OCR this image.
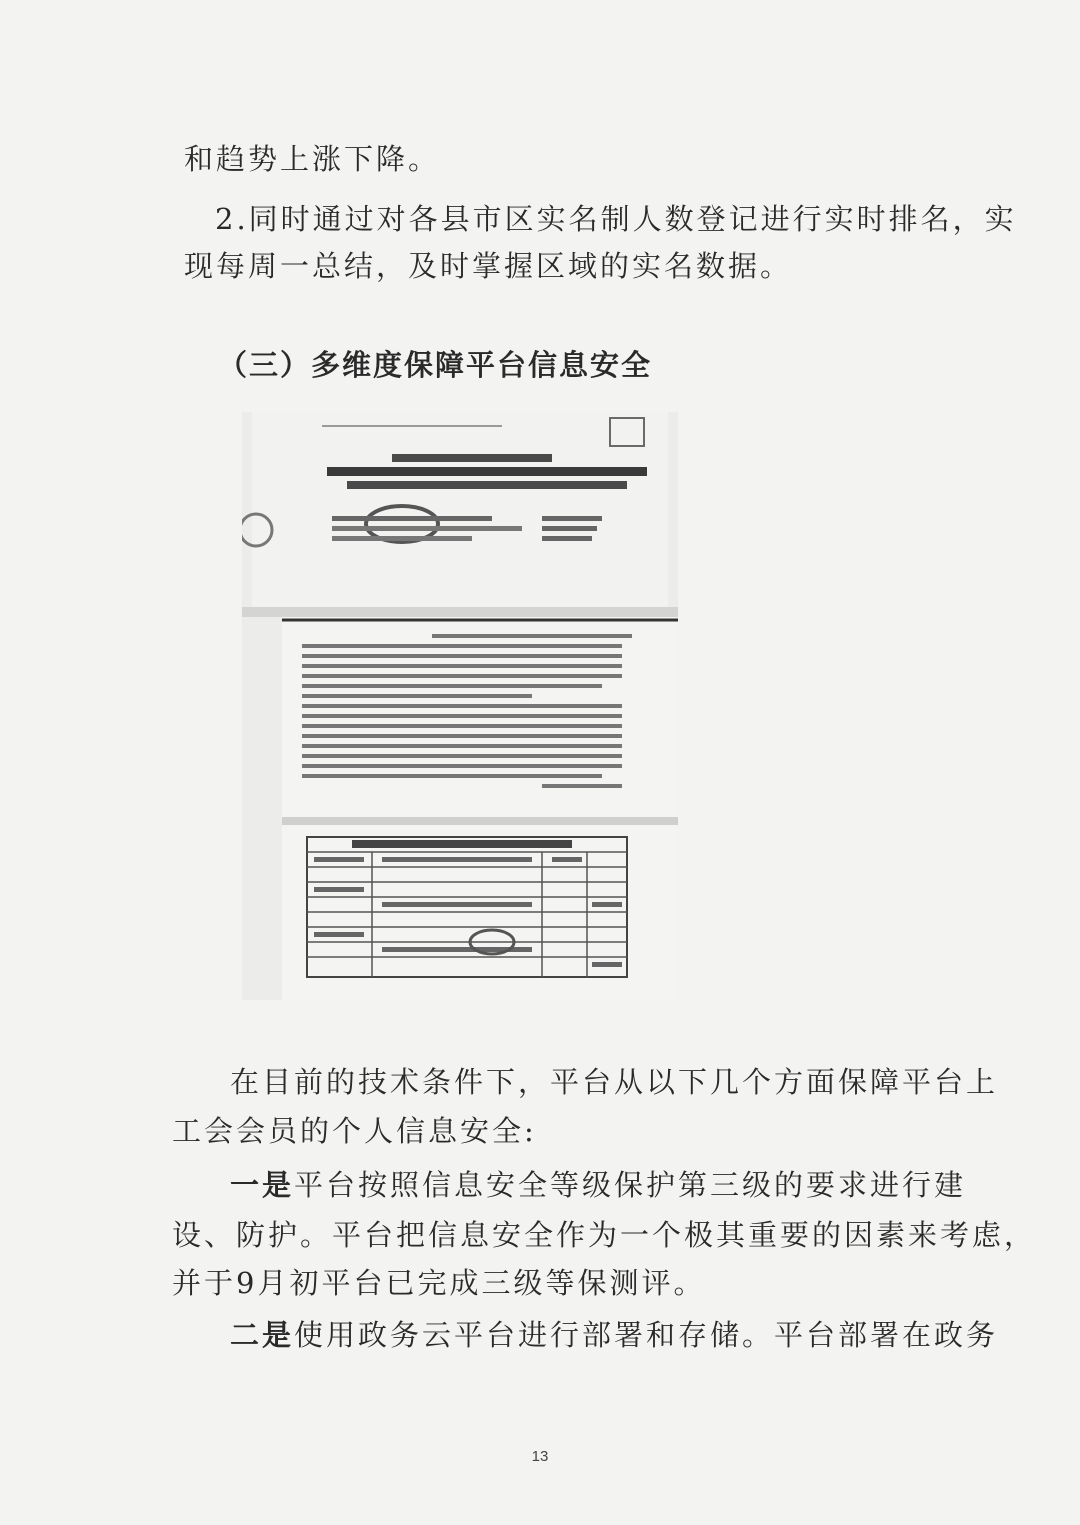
和趋势上涨下降。
2.同时通过对各县市区实名制人数登记进行实时排名，实
现每周一总结，及时掌握区域的实名数据。
（三）多维度保障平台信息安全
在目前的技术条件下，平台从以下几个方面保障平台上
工会会员的个人信息安全:
一是平台按照信息安全等级保护第三级的要求进行建
设、防护。平台把信息安全作为一个极其重要的因素来考虑，
并于9月初平台已完成三级等保测评。
二是使用政务云平台进行部署和存储。平台部署在政务
13
